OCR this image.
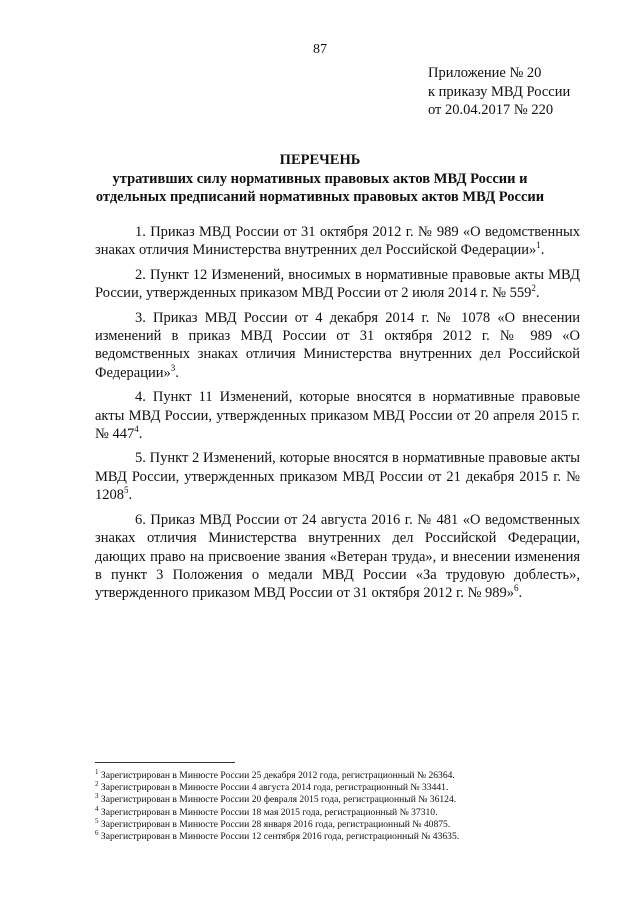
87
Приложение № 20
к приказу МВД России
от 20.04.2017 № 220
ПЕРЕЧЕНЬ
утративших силу нормативных правовых актов МВД России и
отдельных предписаний нормативных правовых актов МВД России

1. Приказ МВД России от 31 октября 2012 г. № 989 «О ведомственных знаках отличия Министерства внутренних дел Российской Федерации»$^1$.

2. Пункт 12 Изменений, вносимых в нормативные правовые акты МВД России, утвержденных приказом МВД России от 2 июля 2014 г. № $559^2$.

3. Приказ МВД России от 4 декабря 2014 г. № 1078 «О внесении изменений в приказ МВД России от 31 октября 2012 г. № 989 «О ведомственных знаках отличия Министерства внутренних дел Российской Федерации»$^3$.

4. Пункт 11 Изменений, которые вносятся в нормативные правовые акты МВД России, утвержденных приказом МВД России от 20 апреля 2015 г. № $447^4$.

5. Пункт 2 Изменений, которые вносятся в нормативные правовые акты МВД России, утвержденных приказом МВД России от 21 декабря 2015 г. № 1208$^5$.

6. Приказ МВД России от 24 августа 2016 г. № 481 «О ведомственных знаках отличия Министерства внутренних дел Российской Федерации, дающих право на присвоение звания «Ветеран труда», и внесении изменения в пункт 3 Положения о медали МВД России «За трудовую доблесть», утвержденного приказом МВД России от 31 октября 2012 г. № 989»$^6$.

$^1$ Зарегистрирован в Минюсте России 25 декабря 2012 года, регистрационный № 26364.
$^2$ Зарегистрирован в Минюсте России 4 августа 2014 года, регистрационный № 33441.
$^3$ Зарегистрирован в Минюсте России 20 февраля 2015 года, регистрационный № 36124.
$^4$ Зарегистрирован в Минюсте России 18 мая 2015 года, регистрационный № 37310.
$^5$ Зарегистрирован в Минюсте России 28 января 2016 года, регистрационный № 40875.
$^6$ Зарегистрирован в Минюсте России 12 сентября 2016 года, регистрационный № 43635.
